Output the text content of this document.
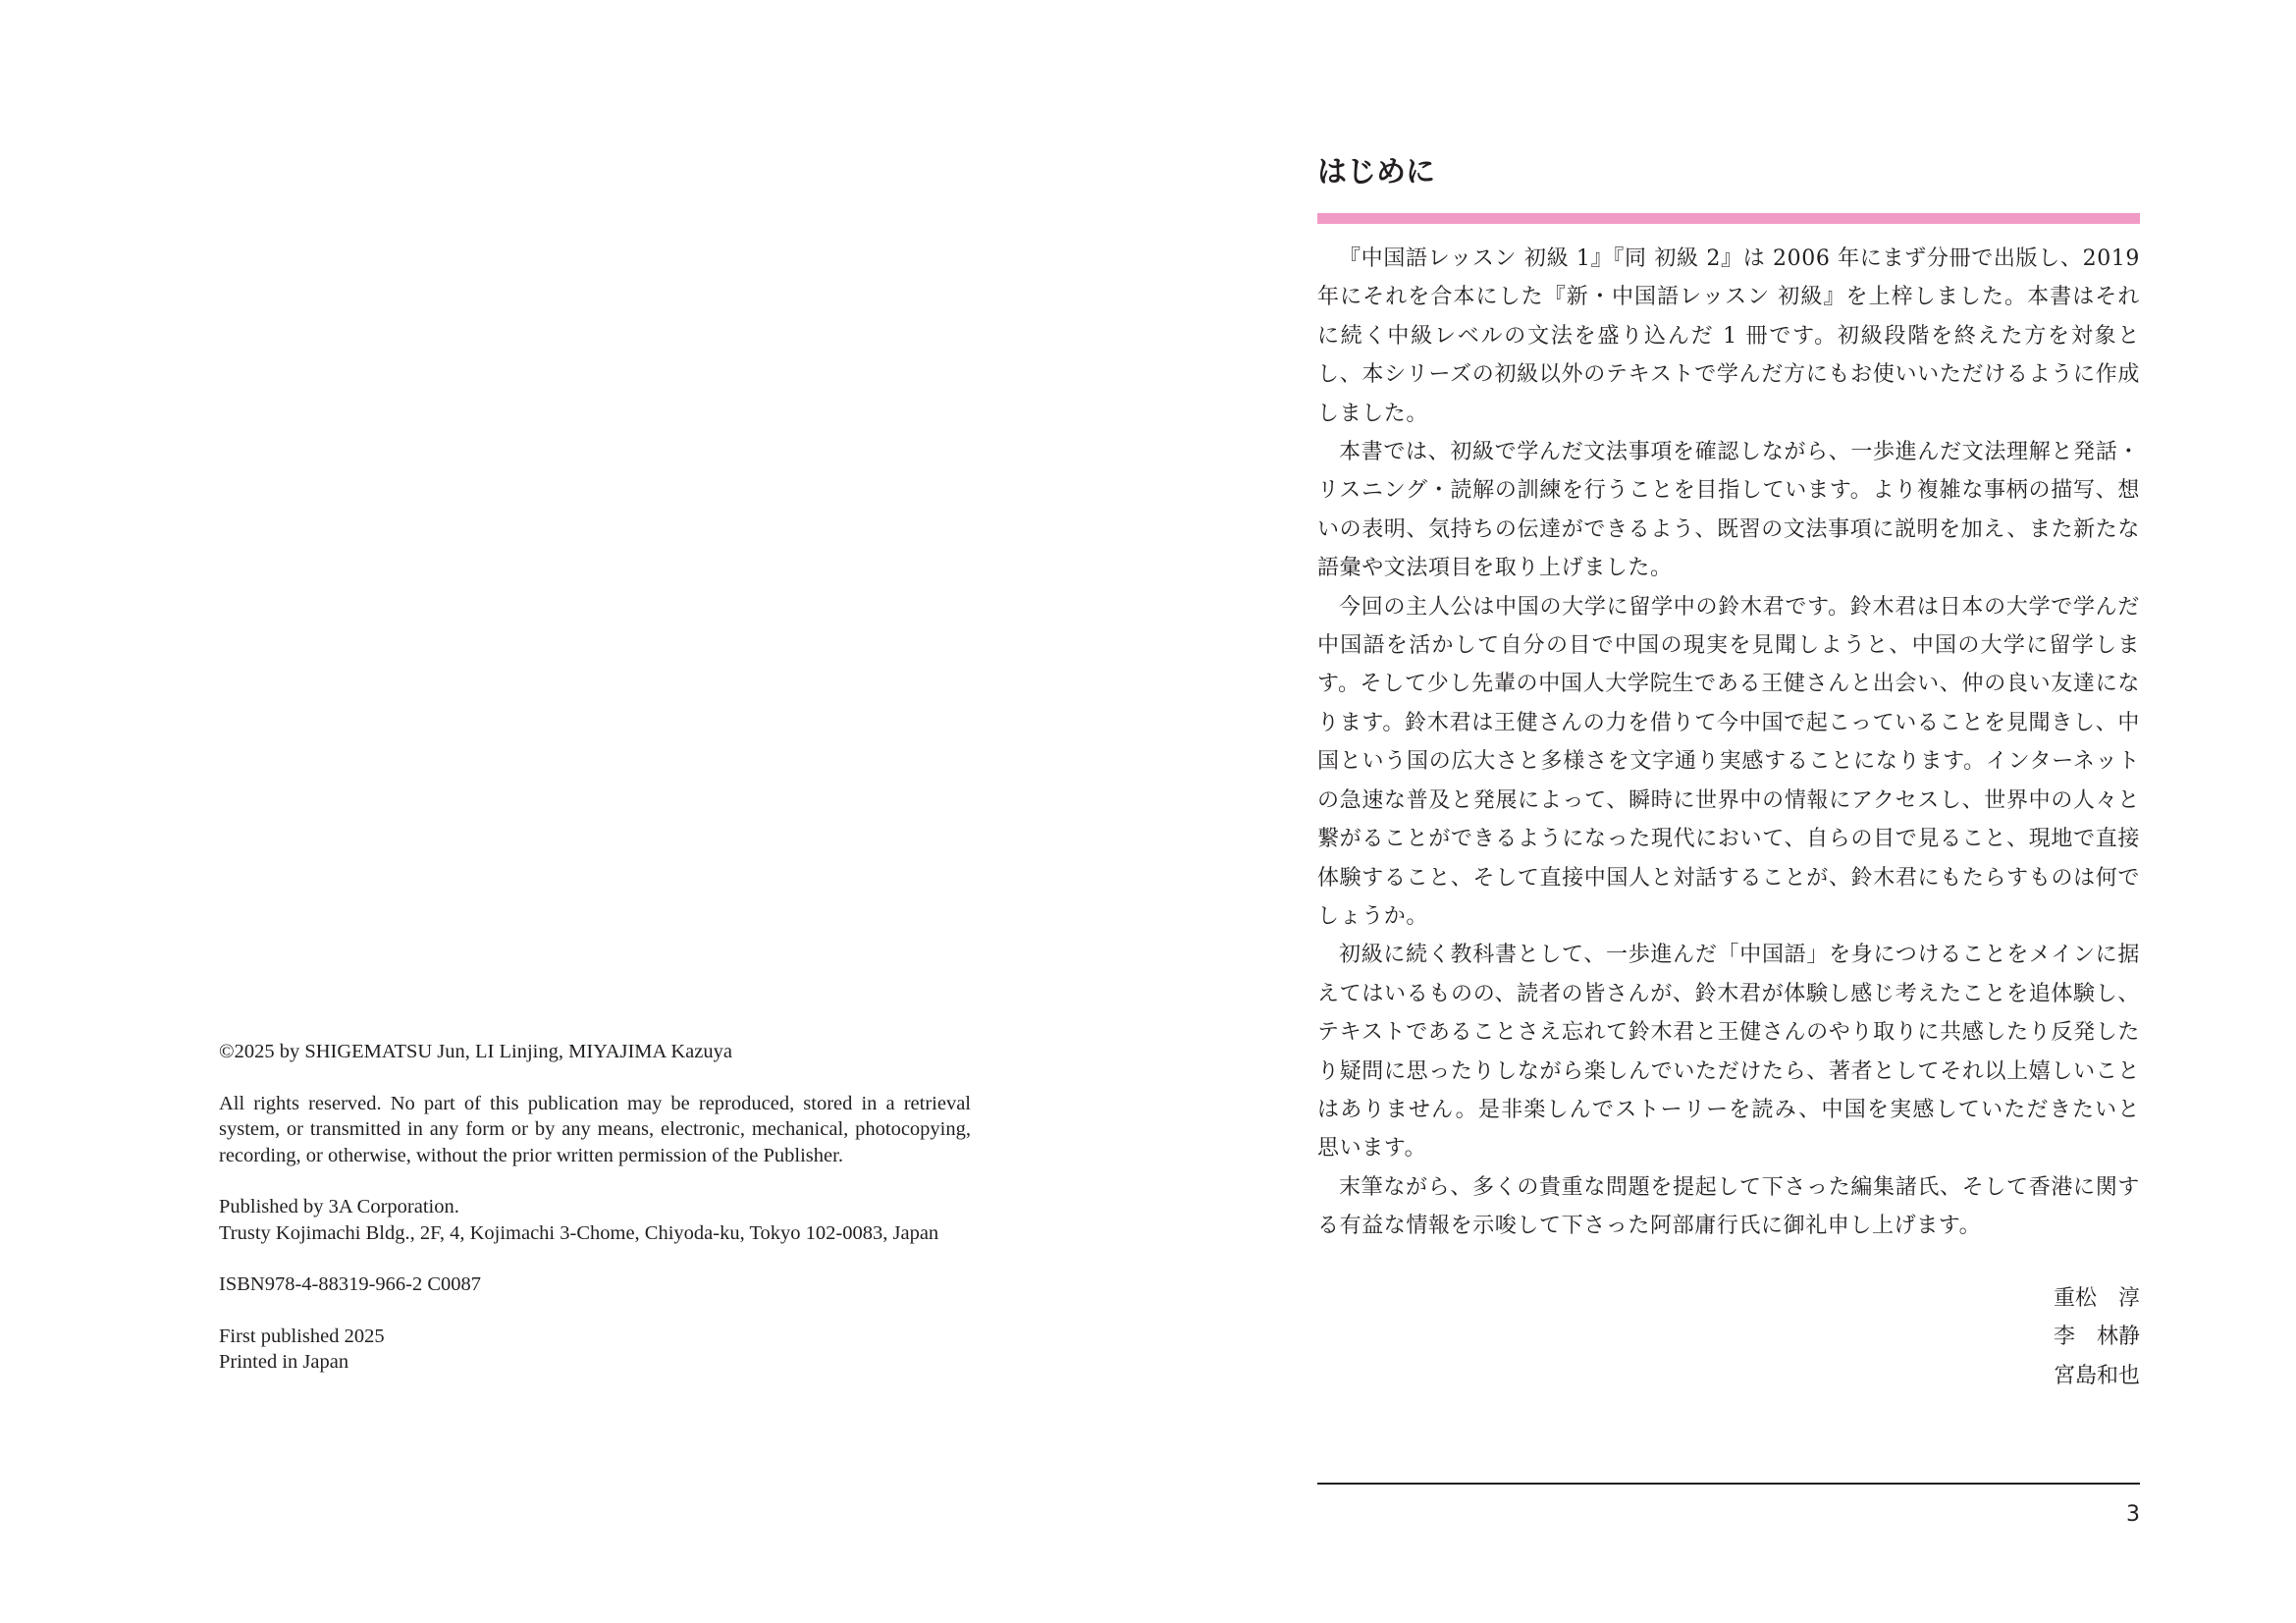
©2025 by SHIGEMATSU Jun, LI Linjing, MIYAJIMA Kazuya

All rights reserved. No part of this publication may be reproduced, stored in a retrieval system, or transmitted in any form or by any means, electronic, mechanical, photocopying, recording, or otherwise, without the prior written permission of the Publisher.

Published by 3A Corporation.
Trusty Kojimachi Bldg., 2F, 4, Kojimachi 3-Chome, Chiyoda-ku, Tokyo 102-0083, Japan

ISBN978-4-88319-966-2 C0087

First published 2025
Printed in Japan

はじめに

『中国語レッスン 初級 1』『同 初級 2』は 2006 年にまず分冊で出版し、2019 年にそれを合本にした『新・中国語レッスン 初級』を上梓しました。本書はそれに続く中級レベルの文法を盛り込んだ 1 冊です。初級段階を終えた方を対象とし、本シリーズの初級以外のテキストで学んだ方にもお使いいただけるように作成しました。

本書では、初級で学んだ文法事項を確認しながら、一歩進んだ文法理解と発話・リスニング・読解の訓練を行うことを目指しています。より複雑な事柄の描写、想いの表明、気持ちの伝達ができるよう、既習の文法事項に説明を加え、また新たな語彙や文法項目を取り上げました。

今回の主人公は中国の大学に留学中の鈴木君です。鈴木君は日本の大学で学んだ中国語を活かして自分の目で中国の現実を見聞しようと、中国の大学に留学します。そして少し先輩の中国人大学院生である王健さんと出会い、仲の良い友達になります。鈴木君は王健さんの力を借りて今中国で起こっていることを見聞きし、中国という国の広大さと多様さを文字通り実感することになります。インターネットの急速な普及と発展によって、瞬時に世界中の情報にアクセスし、世界中の人々と繋がることができるようになった現代において、自らの目で見ること、現地で直接体験すること、そして直接中国人と対話することが、鈴木君にもたらすものは何でしょうか。

初級に続く教科書として、一歩進んだ「中国語」を身につけることをメインに据えてはいるものの、読者の皆さんが、鈴木君が体験し感じ考えたことを追体験し、テキストであることさえ忘れて鈴木君と王健さんのやり取りに共感したり反発したり疑問に思ったりしながら楽しんでいただけたら、著者としてそれ以上嬉しいことはありません。是非楽しんでストーリーを読み、中国を実感していただきたいと思います。

末筆ながら、多くの貴重な問題を提起して下さった編集諸氏、そして香港に関する有益な情報を示唆して下さった阿部庸行氏に御礼申し上げます。

重松　淳
李　林静
宮島和也
3
